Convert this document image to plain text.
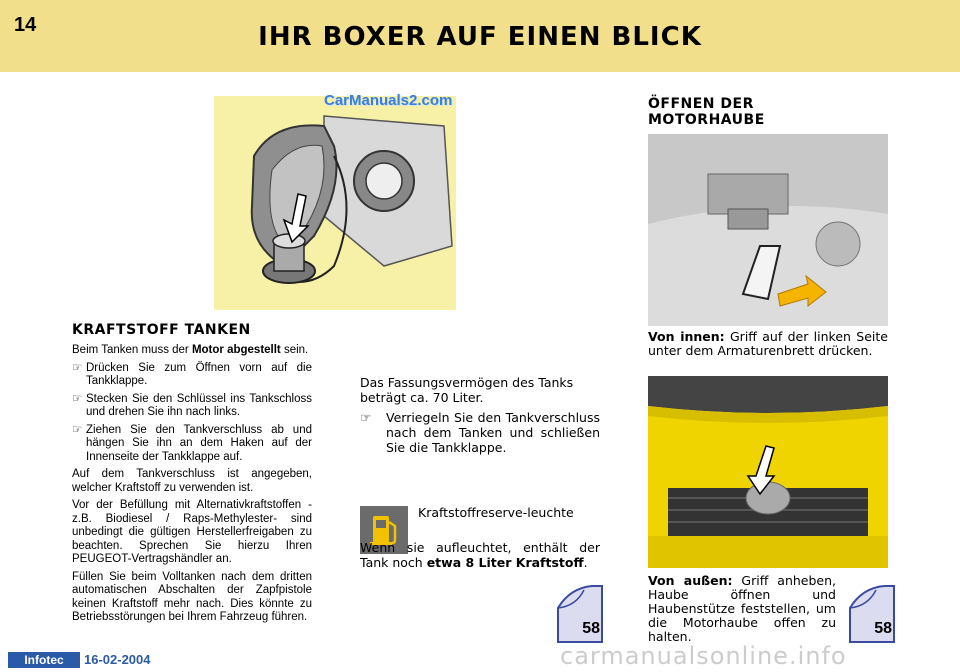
14	IHR BOXER AUF EINEN BLICK
CarManuals2.com
KRAFTSTOFF TANKEN

Beim Tanken muss der Motor abgestellt sein.

☞ Drücken Sie zum Öffnen vorn auf die Tankklappe.
☞ Stecken Sie den Schlüssel ins Tankschloss und drehen Sie ihn nach links.
☞ Ziehen Sie den Tankverschluss ab und hängen Sie ihn an dem Haken auf der Innenseite der Tankklappe auf.

Auf dem Tankverschluss ist angegeben, welcher Kraftstoff zu verwenden ist.

Vor der Befüllung mit Alternativkraftstoffen - z.B. Biodiesel / Raps-Methylester- sind unbedingt die gültigen Herstellerfreigaben zu beachten. Sprechen Sie hierzu Ihren PEUGEOT-Vertragshändler an.

Füllen Sie beim Volltanken nach dem dritten automatischen Abschalten der Zapfpistole keinen Kraftstoff mehr nach. Dies könnte zu Betriebsstörungen bei Ihrem Fahrzeug führen.

Das Fassungsvermögen des Tanks beträgt ca. 70 Liter.
☞	Verriegeln Sie den Tankverschluss nach dem Tanken und schließen Sie die Tankklappe.
Kraftstoffreserve-leuchte
Wenn sie aufleuchtet, enthält der Tank noch etwa 8 Liter Kraftstoff.
58
ÖFFNEN DER MOTORHAUBE
Von innen: Griff auf der linken Seite unter dem Armaturenbrett drücken.
Von außen: Griff anheben, Haube öffnen und Haubenstütze feststellen, um die Motorhaube offen zu halten.	58
Infotec	16-02-2004	carmanualsonline.info
